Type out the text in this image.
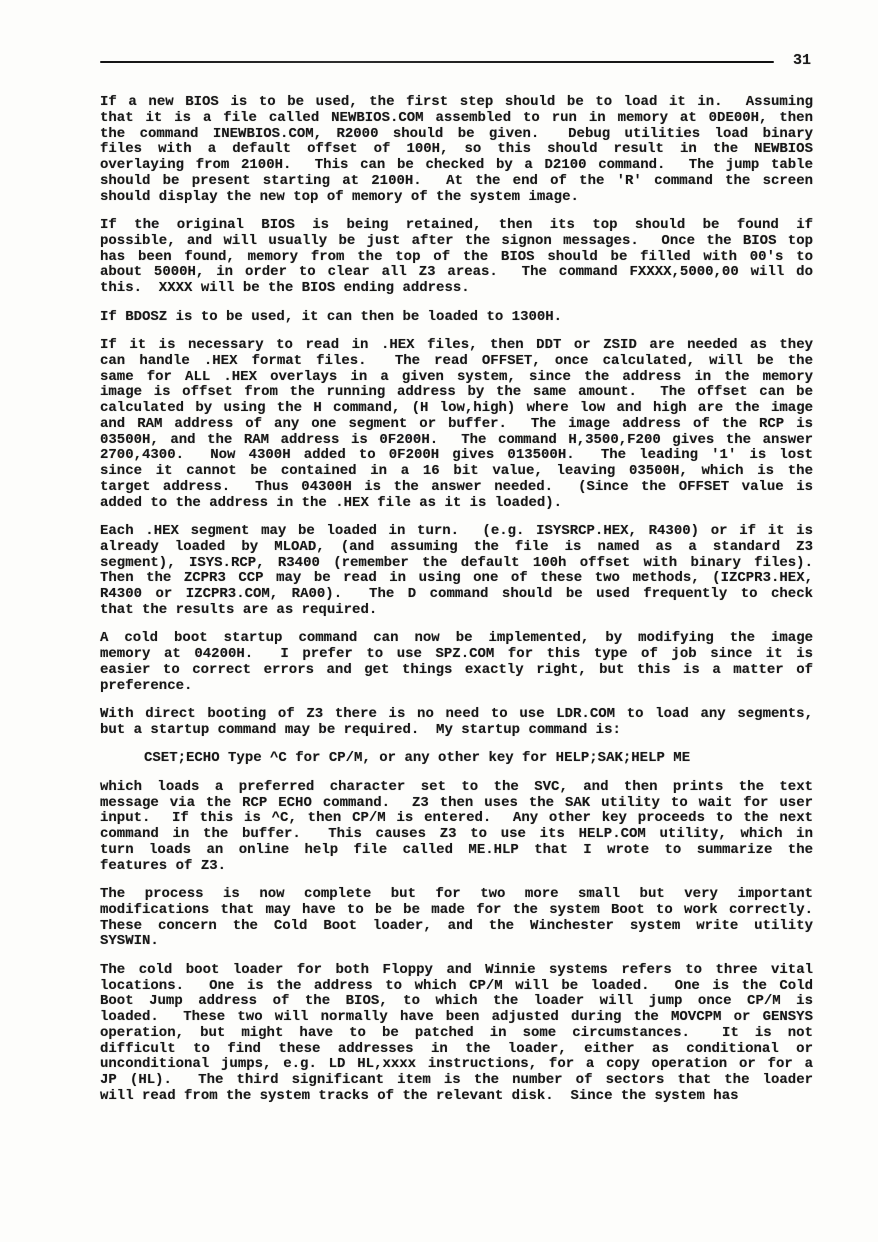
31
If a new BIOS is to be used, the first step should be to load it in.  Assuming
that it is a file called NEWBIOS.COM assembled to run in memory at 0DE00H, then
the command INEWBIOS.COM, R2000 should be given.  Debug utilities load binary
files with a default offset of 100H, so this should result in the NEWBIOS
overlaying from 2100H.  This can be checked by a D2100 command.  The jump table
should be present starting at 2100H.  At the end of the 'R' command the screen
should display the new top of memory of the system image.
If the original BIOS is being retained, then its top should be found if
possible, and will usually be just after the signon messages.  Once the BIOS top
has been found, memory from the top of the BIOS should be filled with 00's to
about 5000H, in order to clear all Z3 areas.  The command FXXXX,5000,00 will do
this.  XXXX will be the BIOS ending address.
If BDOSZ is to be used, it can then be loaded to 1300H.
If it is necessary to read in .HEX files, then DDT or ZSID are needed as they
can handle .HEX format files.  The read OFFSET, once calculated, will be the
same for ALL .HEX overlays in a given system, since the address in the memory
image is offset from the running address by the same amount.  The offset can be
calculated by using the H command, (H low,high) where low and high are the image
and RAM address of any one segment or buffer.  The image address of the RCP is
03500H, and the RAM address is 0F200H.  The command H,3500,F200 gives the answer
2700,4300.  Now 4300H added to 0F200H gives 013500H.  The leading '1' is lost
since it cannot be contained in a 16 bit value, leaving 03500H, which is the
target address.  Thus 04300H is the answer needed.  (Since the OFFSET value is
added to the address in the .HEX file as it is loaded).
Each .HEX segment may be loaded in turn.  (e.g. ISYSRCP.HEX, R4300) or if it is
already loaded by MLOAD, (and assuming the file is named as a standard Z3
segment), ISYS.RCP, R3400 (remember the default 100h offset with binary files).
Then the ZCPR3 CCP may be read in using one of these two methods, (IZCPR3.HEX,
R4300 or IZCPR3.COM, RA00).  The D command should be used frequently to check
that the results are as required.
A cold boot startup command can now be implemented, by modifying the image
memory at 04200H.  I prefer to use SPZ.COM for this type of job since it is
easier to correct errors and get things exactly right, but this is a matter of
preference.
With direct booting of Z3 there is no need to use LDR.COM to load any segments,
but a startup command may be required.  My startup command is:
CSET;ECHO Type ^C for CP/M, or any other key for HELP;SAK;HELP ME
which loads a preferred character set to the SVC, and then prints the text
message via the RCP ECHO command.  Z3 then uses the SAK utility to wait for user
input.  If this is ^C, then CP/M is entered.  Any other key proceeds to the next
command in the buffer.  This causes Z3 to use its HELP.COM utility, which in
turn loads an online help file called ME.HLP that I wrote to summarize the
features of Z3.
The process is now complete but for two more small but very important
modifications that may have to be be made for the system Boot to work correctly.
These concern the Cold Boot loader, and the Winchester system write utility
SYSWIN.
The cold boot loader for both Floppy and Winnie systems refers to three vital
locations.  One is the address to which CP/M will be loaded.  One is the Cold
Boot Jump address of the BIOS, to which the loader will jump once CP/M is
loaded.  These two will normally have been adjusted during the MOVCPM or GENSYS
operation, but might have to be patched in some circumstances.  It is not
difficult to find these addresses in the loader, either as conditional or
unconditional jumps, e.g. LD HL,xxxx instructions, for a copy operation or for a
JP (HL).  The third significant item is the number of sectors that the loader
will read from the system tracks of the relevant disk.  Since the system has
